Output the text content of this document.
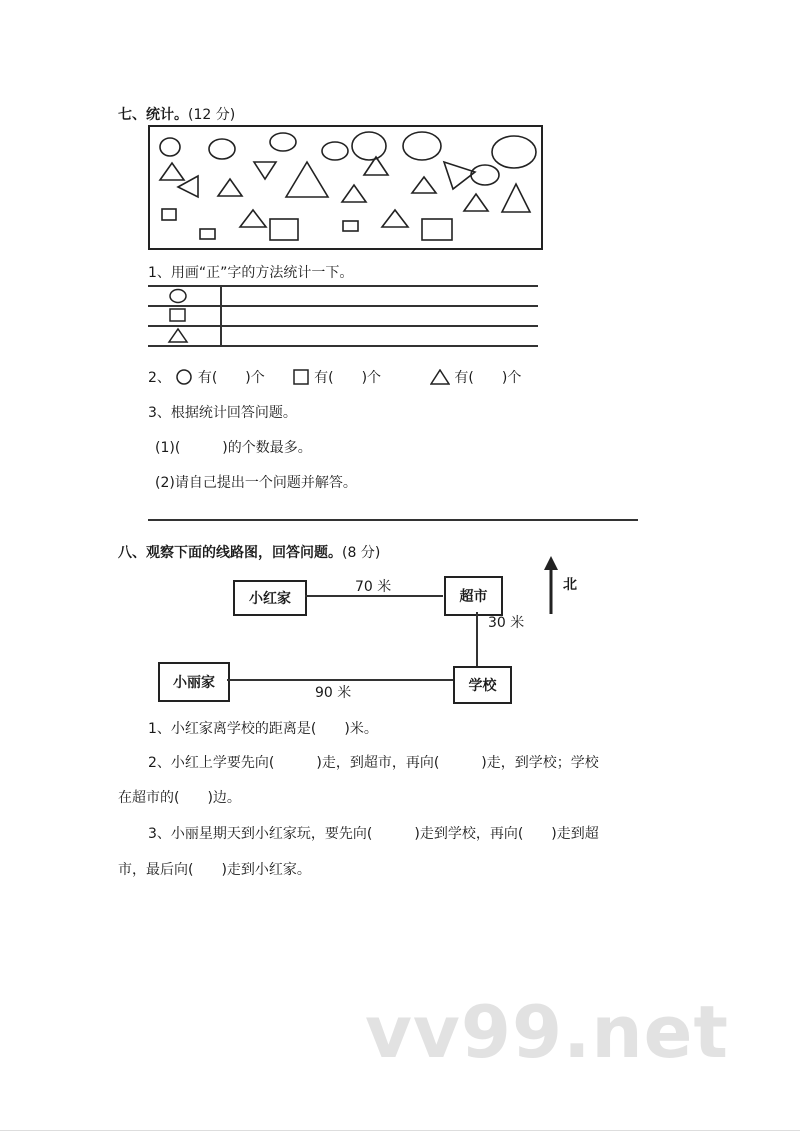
七、统计。(12 分)
1、用画“正”字的方法统计一下。
2、 有(　　)个	有(　　)个	有(　　)个
3、根据统计回答问题。
(1)(　　　)的个数最多。
(2)请自己提出一个问题并解答。
八、观察下面的线路图，回答问题。(8 分)
小红家	超市
小丽家	学校
70 米
30 米
90 米
北
1、小红家离学校的距离是(　　)米。
2、小红上学要先向(　　　)走，到超市，再向(　　　)走，到学校；学校
在超市的(　　)边。
3、小丽星期天到小红家玩，要先向(　　　)走到学校，再向(　　)走到超
市，最后向(　　)走到小红家。
vv99.net
